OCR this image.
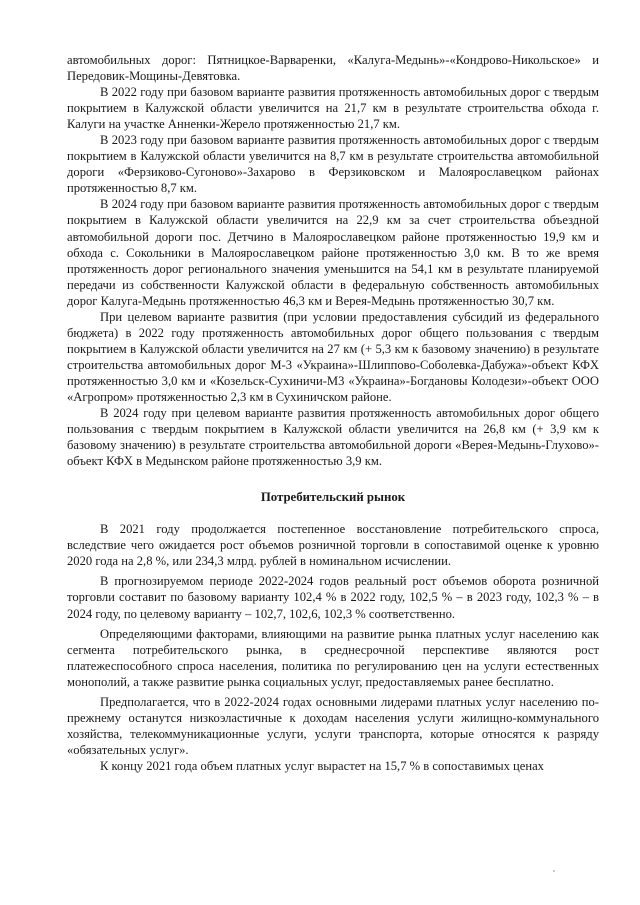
автомобильных дорог: Пятницкое-Варваренки, «Калуга-Медынь»-«Кондрово-Никольское» и Передовик-Мощины-Девятовка.

В 2022 году при базовом варианте развития протяженность автомобильных дорог с твердым покрытием в Калужской области увеличится на 21,7 км в результате строительства обхода г. Калуги на участке Анненки-Жерело протяженностью 21,7 км.

В 2023 году при базовом варианте развития протяженность автомобильных дорог с твердым покрытием в Калужской области увеличится на 8,7 км в результате строительства автомобильной дороги «Ферзиково-Сугоново»-Захарово в Ферзиковском и Малоярославецком районах протяженностью 8,7 км.

В 2024 году при базовом варианте развития протяженность автомобильных дорог с твердым покрытием в Калужской области увеличится на 22,9 км за счет строительства объездной автомобильной дороги пос. Детчино в Малоярославецком районе протяженностью 19,9 км и обхода с. Сокольники в Малоярославецком районе протяженностью 3,0 км. В то же время протяженность дорог регионального значения уменьшится на 54,1 км в результате планируемой передачи из собственности Калужской области в федеральную собственность автомобильных дорог Калуга-Медынь протяженностью 46,3 км и Верея-Медынь протяженностью 30,7 км.

При целевом варианте развития (при условии предоставления субсидий из федерального бюджета) в 2022 году протяженность автомобильных дорог общего пользования с твердым покрытием в Калужской области увеличится на 27 км (+ 5,3 км к базовому значению) в результате строительства автомобильных дорог М-3 «Украина»-Шлиппово-Соболевка-Дабужа»-объект КФХ протяженностью 3,0 км и «Козельск-Сухиничи-М3 «Украина»-Богдановы Колодези»-объект ООО «Агропром» протяженностью 2,3 км в Сухиничском районе.

В 2024 году при целевом варианте развития протяженность автомобильных дорог общего пользования с твердым покрытием в Калужской области увеличится на 26,8 км (+ 3,9 км к базовому значению) в результате строительства автомобильной дороги «Верея-Медынь-Глухово»-объект КФХ в Медынском районе протяженностью 3,9 км.

Потребительский рынок

В 2021 году продолжается постепенное восстановление потребительского спроса, вследствие чего ожидается рост объемов розничной торговли в сопоставимой оценке к уровню 2020 года на 2,8 %, или 234,3 млрд. рублей в номинальном исчислении.

В прогнозируемом периоде 2022-2024 годов реальный рост объемов оборота розничной торговли составит по базовому варианту 102,4 % в 2022 году, 102,5 % – в 2023 году, 102,3 % – в 2024 году, по целевому варианту – 102,7, 102,6, 102,3 % соответственно.

Определяющими факторами, влияющими на развитие рынка платных услуг населению как сегмента потребительского рынка, в среднесрочной перспективе являются рост платежеспособного спроса населения, политика по регулированию цен на услуги естественных монополий, а также развитие рынка социальных услуг, предоставляемых ранее бесплатно.

Предполагается, что в 2022-2024 годах основными лидерами платных услуг населению по-прежнему останутся низкоэластичные к доходам населения услуги жилищно-коммунального хозяйства, телекоммуникационные услуги, услуги транспорта, которые относятся к разряду «обязательных услуг».

К концу 2021 года объем платных услуг вырастет на 15,7 % в сопоставимых ценах
